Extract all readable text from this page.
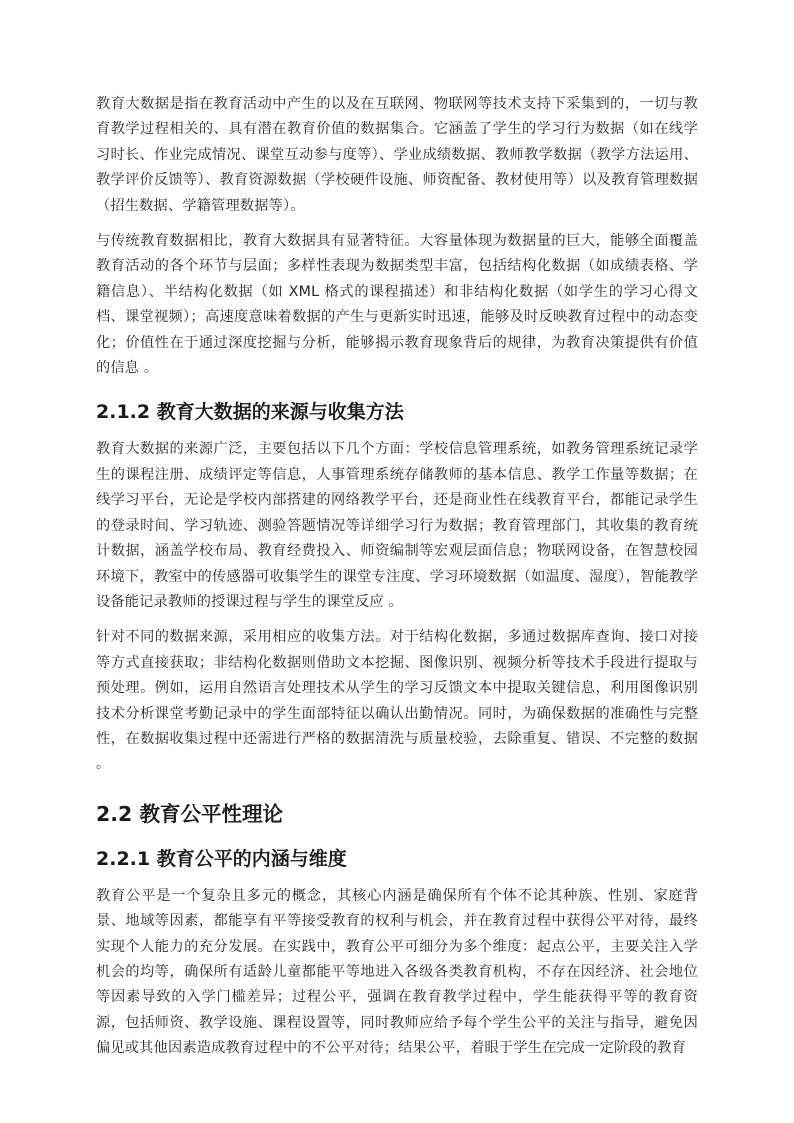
教育大数据是指在教育活动中产生的以及在互联网、物联网等技术支持下采集到的，一切与教育教学过程相关的、具有潜在教育价值的数据集合。它涵盖了学生的学习行为数据（如在线学习时长、作业完成情况、课堂互动参与度等）、学业成绩数据、教师教学数据（教学方法运用、教学评价反馈等）、教育资源数据（学校硬件设施、师资配备、教材使用等）以及教育管理数据（招生数据、学籍管理数据等）。

与传统教育数据相比，教育大数据具有显著特征。大容量体现为数据量的巨大，能够全面覆盖教育活动的各个环节与层面；多样性表现为数据类型丰富，包括结构化数据（如成绩表格、学籍信息）、半结构化数据（如 XML 格式的课程描述）和非结构化数据（如学生的学习心得文档、课堂视频）；高速度意味着数据的产生与更新实时迅速，能够及时反映教育过程中的动态变化；价值性在于通过深度挖掘与分析，能够揭示教育现象背后的规律，为教育决策提供有价值的信息 。

2.1.2 教育大数据的来源与收集方法

教育大数据的来源广泛，主要包括以下几个方面：学校信息管理系统，如教务管理系统记录学生的课程注册、成绩评定等信息，人事管理系统存储教师的基本信息、教学工作量等数据；在线学习平台，无论是学校内部搭建的网络教学平台，还是商业性在线教育平台，都能记录学生的登录时间、学习轨迹、测验答题情况等详细学习行为数据；教育管理部门，其收集的教育统计数据，涵盖学校布局、教育经费投入、师资编制等宏观层面信息；物联网设备，在智慧校园环境下，教室中的传感器可收集学生的课堂专注度、学习环境数据（如温度、湿度），智能教学设备能记录教师的授课过程与学生的课堂反应 。

针对不同的数据来源，采用相应的收集方法。对于结构化数据，多通过数据库查询、接口对接等方式直接获取；非结构化数据则借助文本挖掘、图像识别、视频分析等技术手段进行提取与预处理。例如，运用自然语言处理技术从学生的学习反馈文本中提取关键信息，利用图像识别技术分析课堂考勤记录中的学生面部特征以确认出勤情况。同时，为确保数据的准确性与完整性，在数据收集过程中还需进行严格的数据清洗与质量校验，去除重复、错误、不完整的数据 。

2.2 教育公平性理论
2.2.1 教育公平的内涵与维度

教育公平是一个复杂且多元的概念，其核心内涵是确保所有个体不论其种族、性别、家庭背景、地域等因素，都能享有平等接受教育的权利与机会，并在教育过程中获得公平对待，最终实现个人能力的充分发展。在实践中，教育公平可细分为多个维度：起点公平，主要关注入学机会的均等，确保所有适龄儿童都能平等地进入各级各类教育机构，不存在因经济、社会地位等因素导致的入学门槛差异；过程公平，强调在教育教学过程中，学生能获得平等的教育资源，包括师资、教学设施、课程设置等，同时教师应给予每个学生公平的关注与指导，避免因偏见或其他因素造成教育过程中的不公平对待；结果公平，着眼于学生在完成一定阶段的教育
